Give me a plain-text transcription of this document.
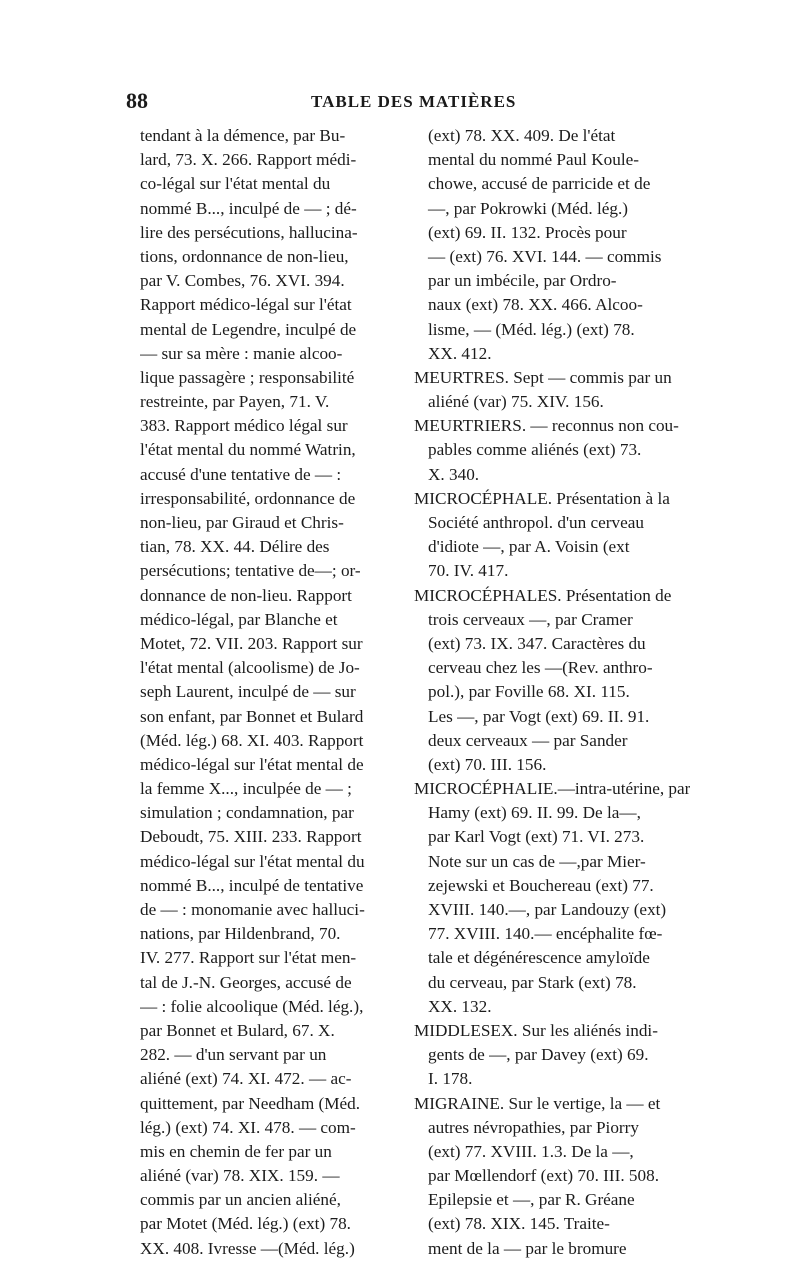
88	TABLE DES MATIÈRES
tendant à la démence, par Bu-
lard, 73. X. 266. Rapport médi-
co-légal sur l'état mental du
nommé B..., inculpé de — ; dé-
lire des persécutions, hallucina-
tions, ordonnance de non-lieu,
par V. Combes, 76. XVI. 394.
Rapport médico-légal sur l'état
mental de Legendre, inculpé de
— sur sa mère : manie alcoo-
lique passagère ; responsabilité
restreinte, par Payen, 71. V.
383. Rapport médico légal sur
l'état mental du nommé Watrin,
accusé d'une tentative de — :
irresponsabilité, ordonnance de
non-lieu, par Giraud et Chris-
tian, 78. XX. 44. Délire des
persécutions; tentative de—; or-
donnance de non-lieu. Rapport
médico-légal, par Blanche et
Motet, 72. VII. 203. Rapport sur
l'état mental (alcoolisme) de Jo-
seph Laurent, inculpé de — sur
son enfant, par Bonnet et Bulard
(Méd. lég.) 68. XI. 403. Rapport
médico-légal sur l'état mental de
la femme X..., inculpée de — ;
simulation ; condamnation, par
Deboudt, 75. XIII. 233. Rapport
médico-légal sur l'état mental du
nommé B..., inculpé de tentative
de — : monomanie avec halluci-
nations, par Hildenbrand, 70.
IV. 277. Rapport sur l'état men-
tal de J.-N. Georges, accusé de
— : folie alcoolique (Méd. lég.),
par Bonnet et Bulard, 67. X.
282. — d'un servant par un
aliéné (ext) 74. XI. 472. — ac-
quittement, par Needham (Méd.
lég.) (ext) 74. XI. 478. — com-
mis en chemin de fer par un
aliéné (var) 78. XIX. 159. —
commis par un ancien aliéné,
par Motet (Méd. lég.) (ext) 78.
XX. 408. Ivresse —(Méd. lég.)
(ext) 78. XX. 409. De l'état
mental du nommé Paul Koule-
chowe, accusé de parricide et de
—, par Pokrowki (Méd. lég.)
(ext) 69. II. 132. Procès pour
— (ext) 76. XVI. 144. — commis
par un imbécile, par Ordro-
naux (ext) 78. XX. 466. Alcoo-
lisme, — (Méd. lég.) (ext) 78.
XX. 412.
MEURTRES. Sept — commis par un
aliéné (var) 75. XIV. 156.
MEURTRIERS. — reconnus non cou-
pables comme aliénés (ext) 73.
X. 340.
MICROCÉPHALE. Présentation à la
Société anthropol. d'un cerveau
d'idiote —, par A. Voisin (ext
70. IV. 417.
MICROCÉPHALES. Présentation de
trois cerveaux —, par Cramer
(ext) 73. IX. 347. Caractères du
cerveau chez les —(Rev. anthro-
pol.), par Foville 68. XI. 115.
Les —, par Vogt (ext) 69. II. 91.
deux cerveaux — par Sander
(ext) 70. III. 156.
MICROCÉPHALIE.—intra-utérine, par
Hamy (ext) 69. II. 99. De la—,
par Karl Vogt (ext) 71. VI. 273.
Note sur un cas de —,par Mier-
zejewski et Bouchereau (ext) 77.
XVIII. 140.—, par Landouzy (ext)
77. XVIII. 140.— encéphalite fœ-
tale et dégénérescence amyloïde
du cerveau, par Stark (ext) 78.
XX. 132.
MIDDLESEX. Sur les aliénés indi-
gents de —, par Davey (ext) 69.
I. 178.
MIGRAINE. Sur le vertige, la — et
autres névropathies, par Piorry
(ext) 77. XVIII. 1.3. De la —,
par Mœllendorf (ext) 70. III. 508.
Epilepsie et —, par R. Gréane
(ext) 78. XIX. 145. Traite-
ment de la — par le bromure
